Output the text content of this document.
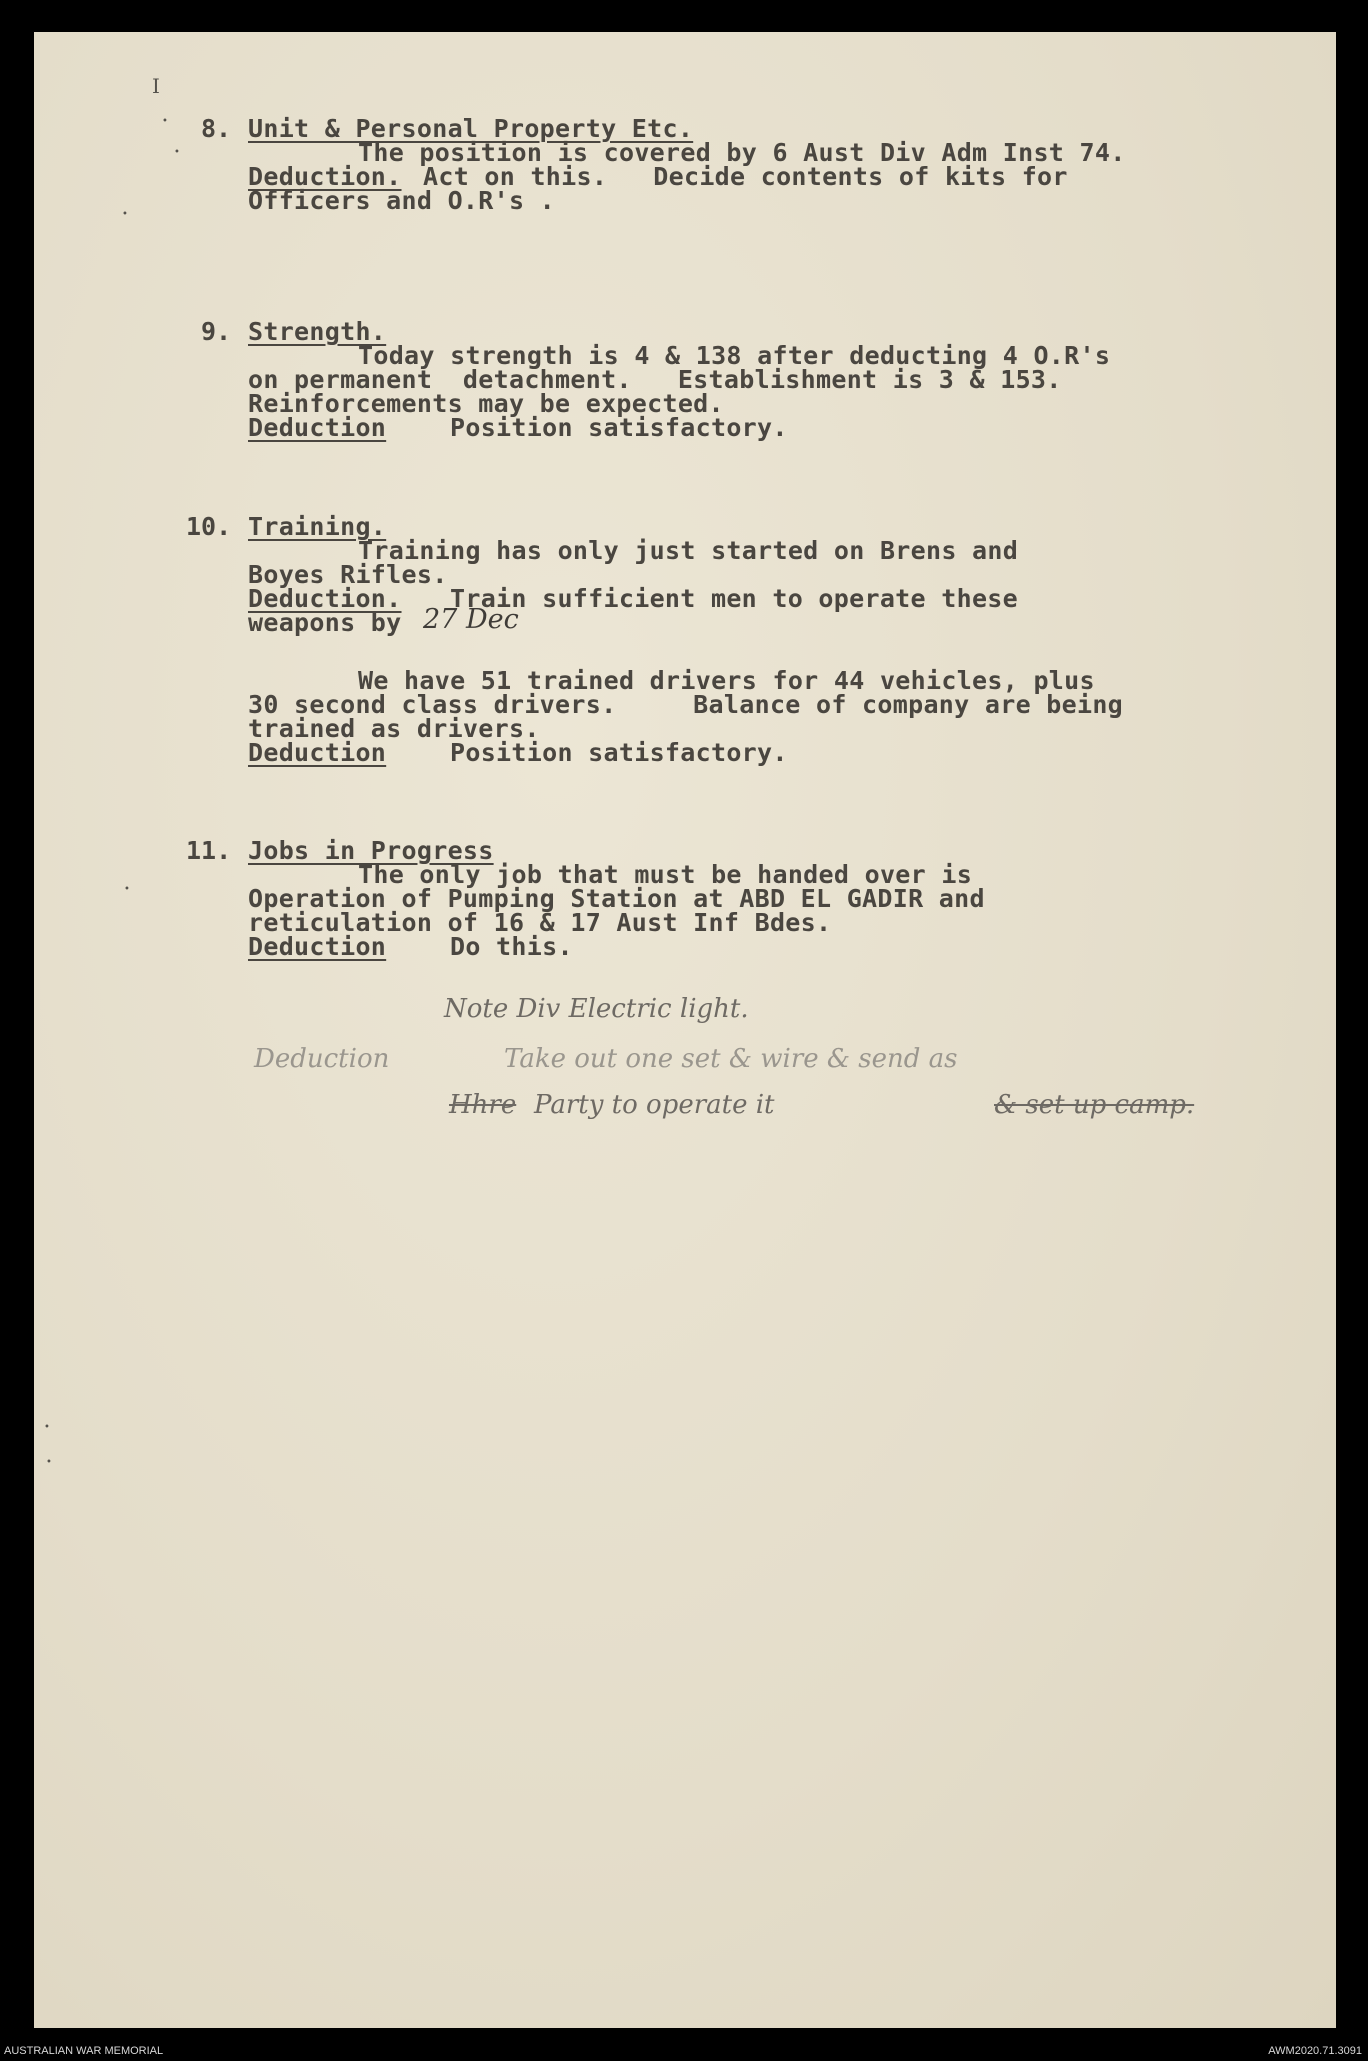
I
•
•
•
•
•
•
8. Unit & Personal Property Etc.
The position is covered by 6 Aust Div Adm Inst 74.
Deduction. Act on this.   Decide contents of kits for
Officers and O.R's .
9. Strength.
Today strength is 4 & 138 after deducting 4 O.R's
on permanent  detachment.   Establishment is 3 & 153.
Reinforcements may be expected.
Deduction	Position satisfactory.
10. Training.
Training has only just started on Brens and
Boyes Rifles.
Deduction. Train sufficient men to operate these
weapons by 27 Dec
We have 51 trained drivers for 44 vehicles, plus
30 second class drivers.     Balance of company are being
trained as drivers.
Deduction	Position satisfactory.
11. Jobs in Progress
The only job that must be handed over is
Operation of Pumping Station at ABD EL GADIR and
reticulation of 16 & 17 Aust Inf Bdes.
Deduction	Do this.
Note Div Electric light.
Deduction	Take out one set & wire & send as
Hhre Party to operate it	& set up camp.
AUSTRALIAN WAR MEMORIAL	AWM2020.71.3091
